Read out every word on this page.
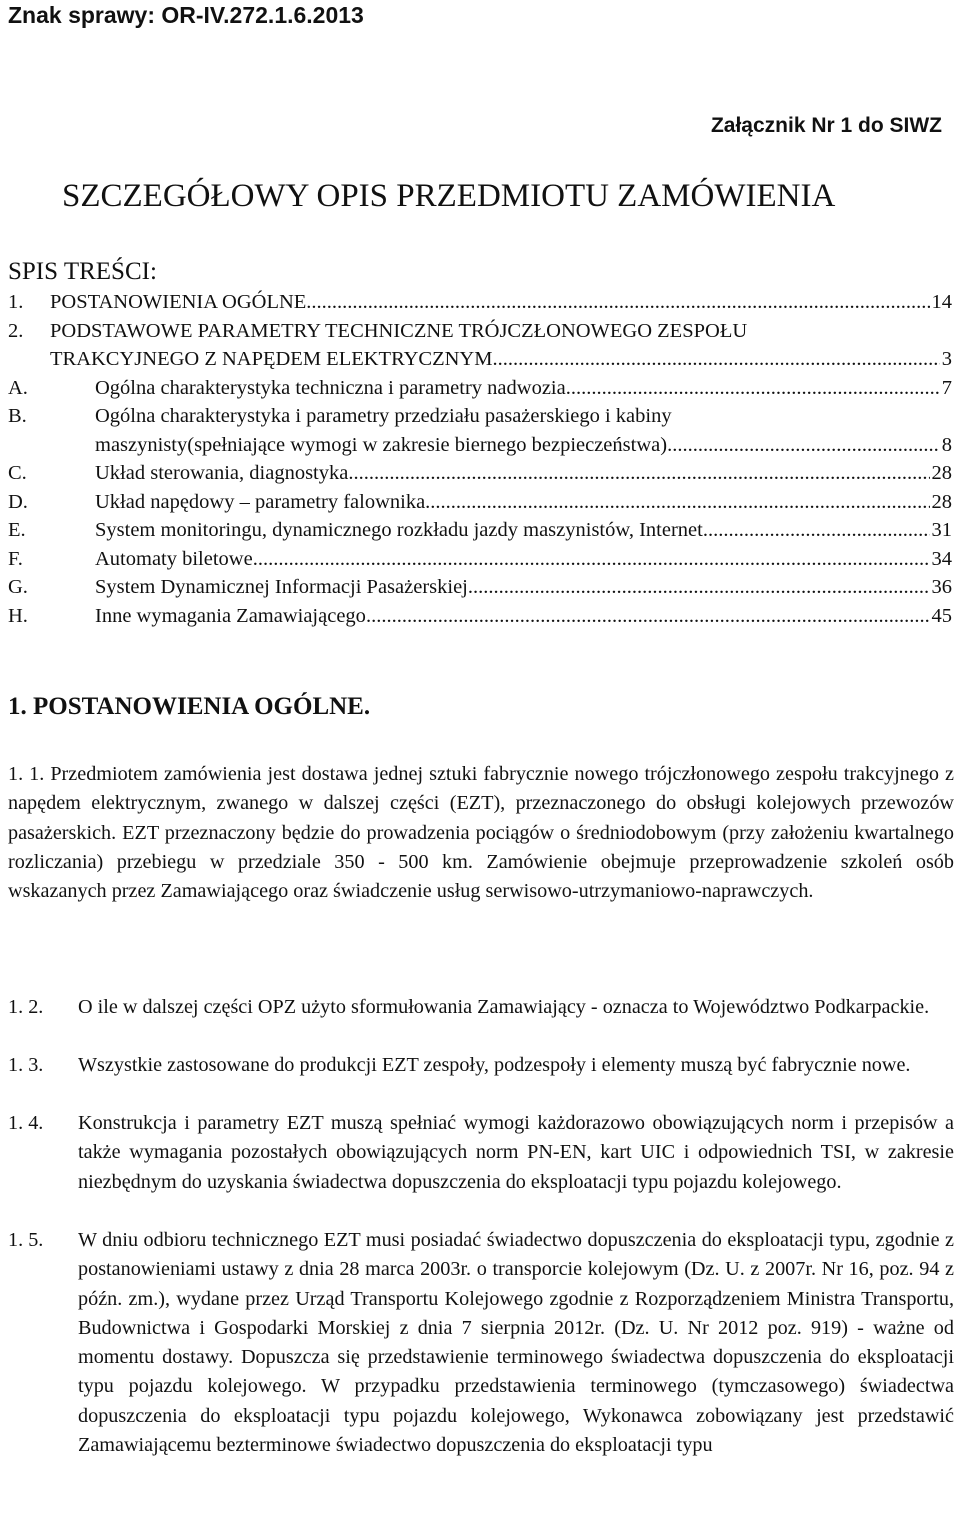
Znak sprawy: OR-IV.272.1.6.2013
Załącznik Nr 1 do SIWZ
SZCZEGÓŁOWY OPIS PRZEDMIOTU ZAMÓWIENIA
SPIS TREŚCI:
1. POSTANOWIENIA OGÓLNE. .....	14
2. PODSTAWOWE PARAMETRY TECHNICZNE TRÓJCZŁONOWEGO ZESPOŁU
TRAKCYJNEGO Z NAPĘDEM ELEKTRYCZNYM .....	3
A.	Ogólna charakterystyka techniczna i parametry nadwozia .....	7
B.	Ogólna charakterystyka i parametry przedziału pasażerskiego i kabiny
maszynisty(spełniające wymogi w zakresie biernego bezpieczeństwa) .....	8
C.	Układ sterowania, diagnostyka .....	28
D.	Układ napędowy – parametry falownika .....	28
E.	System monitoringu, dynamicznego rozkładu jazdy maszynistów, Internet. .....	31
F.	Automaty biletowe .....	34
G.	System Dynamicznej Informacji Pasażerskiej .....	36
H.	Inne wymagania Zamawiającego .....	45
1. POSTANOWIENIA OGÓLNE.
1. 1. Przedmiotem zamówienia jest dostawa jednej sztuki fabrycznie nowego trójczłonowego zespołu trakcyjnego z napędem elektrycznym, zwanego w dalszej części (EZT), przeznaczonego do obsługi kolejowych przewozów pasażerskich. EZT przeznaczony będzie do prowadzenia pociągów o średniodobowym (przy założeniu kwartalnego rozliczania) przebiegu w przedziale 350 - 500 km. Zamówienie obejmuje przeprowadzenie szkoleń osób wskazanych przez Zamawiającego oraz świadczenie usług serwisowo-utrzymaniowo-naprawczych.
1. 2. O ile w dalszej części OPZ użyto sformułowania Zamawiający - oznacza to Województwo Podkarpackie.
1. 3. Wszystkie zastosowane do produkcji EZT zespoły, podzespoły i elementy muszą być fabrycznie nowe.
1. 4. Konstrukcja i parametry EZT muszą spełniać wymogi każdorazowo obowiązujących norm i przepisów a także wymagania pozostałych obowiązujących norm PN-EN, kart UIC i odpowiednich TSI, w zakresie niezbędnym do uzyskania świadectwa dopuszczenia do eksploatacji typu pojazdu kolejowego.
1. 5. W dniu odbioru technicznego EZT musi posiadać świadectwo dopuszczenia do eksploatacji typu, zgodnie z postanowieniami ustawy z dnia 28 marca 2003r. o transporcie kolejowym (Dz. U. z 2007r. Nr 16, poz. 94 z późn. zm.), wydane przez Urząd Transportu Kolejowego zgodnie z Rozporządzeniem Ministra Transportu, Budownictwa i Gospodarki Morskiej z dnia 7 sierpnia 2012r. (Dz. U. Nr 2012 poz. 919) - ważne od momentu dostawy. Dopuszcza się przedstawienie terminowego świadectwa dopuszczenia do eksploatacji typu pojazdu kolejowego. W przypadku przedstawienia terminowego (tymczasowego) świadectwa dopuszczenia do eksploatacji typu pojazdu kolejowego, Wykonawca zobowiązany jest przedstawić Zamawiającemu bezterminowe świadectwo dopuszczenia do eksploatacji typu
